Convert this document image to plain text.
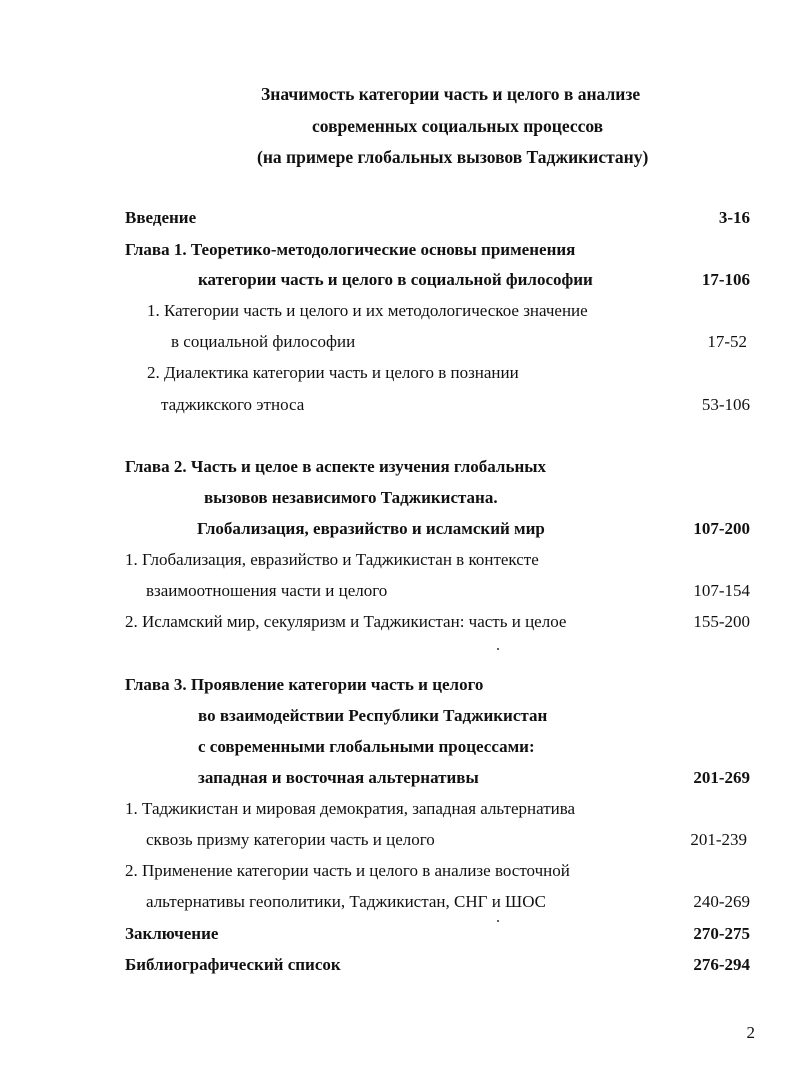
Значимость категории часть и целого в анализе
современных социальных процессов
(на примере глобальных вызовов Таджикистану)
Введение	3-16
Глава 1. Теоретико-методологические основы применения
категории часть и целого в социальной философии	17-106
1. Категории часть и целого и их методологическое значение
в социальной философии	17-52
2. Диалектика категории часть и целого в познании
таджикского этноса	53-106
Глава 2. Часть и целое в аспекте изучения глобальных
вызовов независимого Таджикистана.
Глобализация, евразийство и исламский мир	107-200
1. Глобализация, евразийство и Таджикистан в контексте
взаимоотношения части и целого	107-154
2. Исламский мир, секуляризм и Таджикистан: часть и целое	155-200
Глава 3. Проявление категории часть и целого
во взаимодействии Республики Таджикистан
с современными глобальными процессами:
западная и восточная альтернативы	201-269
1. Таджикистан и мировая демократия, западная альтернатива
сквозь призму категории часть и целого	201-239
2. Применение категории часть и целого в анализе восточной
альтернативы геополитики, Таджикистан, СНГ и ШОС	240-269
Заключение	270-275
Библиографический список	276-294
2
